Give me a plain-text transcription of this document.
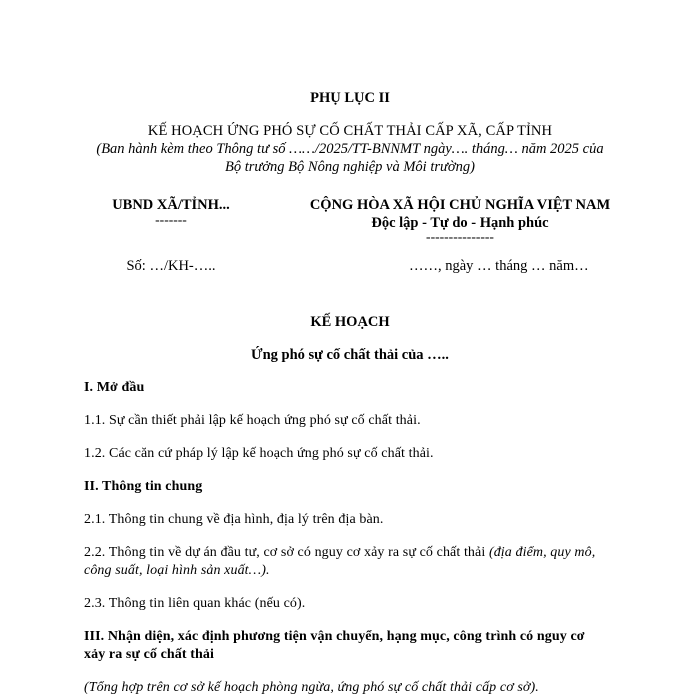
PHỤ LỤC II
KẾ HOẠCH ỨNG PHÓ SỰ CỐ CHẤT THẢI CẤP XÃ, CẤP TỈNH
(Ban hành kèm theo Thông tư số ……/2025/TT-BNNMT ngày…. tháng… năm 2025 của
Bộ trưởng Bộ Nông nghiệp và Môi trường)
UBND XÃ/TỈNH...
-------
Số: …/KH-…..
CỘNG HÒA XÃ HỘI CHỦ NGHĨA VIỆT NAM
Độc lập - Tự do - Hạnh phúc
---------------
……, ngày … tháng … năm…
KẾ HOẠCH
Ứng phó sự cố chất thải của …..
I. Mở đầu
1.1. Sự cần thiết phải lập kế hoạch ứng phó sự cố chất thải.
1.2. Các căn cứ pháp lý lập kế hoạch ứng phó sự cố chất thải.
II. Thông tin chung
2.1. Thông tin chung về địa hình, địa lý trên địa bàn.
2.2. Thông tin về dự án đầu tư, cơ sở có nguy cơ xảy ra sự cố chất thải (địa điểm, quy mô,
công suất, loại hình sản xuất…).
2.3. Thông tin liên quan khác (nếu có).
III. Nhận diện, xác định phương tiện vận chuyển, hạng mục, công trình có nguy cơ
xảy ra sự cố chất thải
(Tổng hợp trên cơ sở kế hoạch phòng ngừa, ứng phó sự cố chất thải cấp cơ sở).
